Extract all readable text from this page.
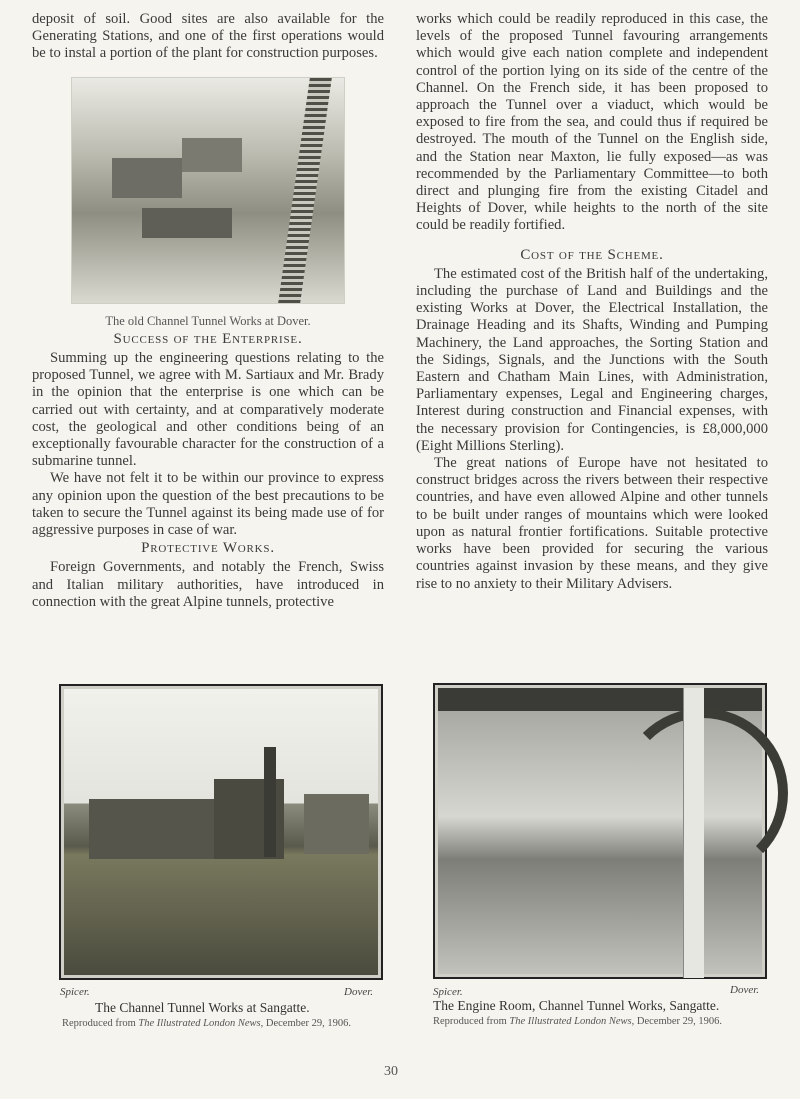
deposit of soil. Good sites are also available for the Generating Stations, and one of the first operations would be to instal a portion of the plant for construction purposes.

The old Channel Tunnel Works at Dover.

Success of the Enterprise.

Summing up the engineering questions relating to the proposed Tunnel, we agree with M. Sartiaux and Mr. Brady in the opinion that the enterprise is one which can be carried out with certainty, and at comparatively moderate cost, the geological and other conditions being of an exceptionally favourable character for the construction of a submarine tunnel.

We have not felt it to be within our province to express any opinion upon the question of the best precautions to be taken to secure the Tunnel against its being made use of for aggressive purposes in case of war.

Protective Works.

Foreign Governments, and notably the French, Swiss and Italian military authorities, have introduced in connection with the great Alpine tunnels, protective

works which could be readily reproduced in this case, the levels of the proposed Tunnel favouring arrangements which would give each nation complete and independent control of the portion lying on its side of the centre of the Channel. On the French side, it has been proposed to approach the Tunnel over a viaduct, which would be exposed to fire from the sea, and could thus if required be destroyed. The mouth of the Tunnel on the English side, and the Station near Maxton, lie fully exposed—as was recommended by the Parliamentary Committee—to both direct and plunging fire from the existing Citadel and Heights of Dover, while heights to the north of the site could be readily fortified.

Cost of the Scheme.

The estimated cost of the British half of the undertaking, including the purchase of Land and Buildings and the existing Works at Dover, the Electrical Installation, the Drainage Heading and its Shafts, Winding and Pumping Machinery, the Land approaches, the Sorting Station and the Sidings, Signals, and the Junctions with the South Eastern and Chatham Main Lines, with Administration, Parliamentary expenses, Legal and Engineering charges, Interest during construction and Financial expenses, with the necessary provision for Contingencies, is £8,000,000 (Eight Millions Sterling).

The great nations of Europe have not hesitated to construct bridges across the rivers between their respective countries, and have even allowed Alpine and other tunnels to be built under ranges of mountains which were looked upon as natural frontier fortifications. Suitable protective works have been provided for securing the various countries against invasion by these means, and they give rise to no anxiety to their Military Advisers.

Spicer.	Dover.
The Channel Tunnel Works at Sangatte.
Reproduced from The Illustrated London News, December 29, 1906.
Spicer.	Dover.
The Engine Room, Channel Tunnel Works, Sangatte.
Reproduced from The Illustrated London News, December 29, 1906.
30
